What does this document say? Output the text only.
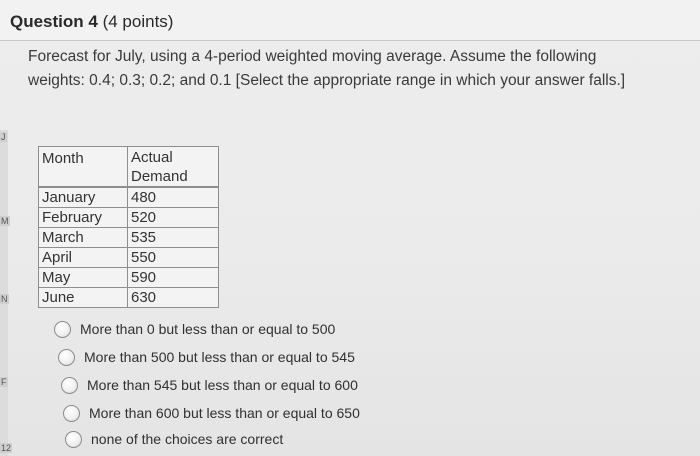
Question 4 (4 points)
Forecast for July, using a 4-period weighted moving average. Assume the following weights: 0.4; 0.3; 0.2; and 0.1 [Select the appropriate range in which your answer falls.]
J
M
N
F
12
Month	Actual Demand
January	480
February	520
March	535
April	550
May	590
June	630
More than 0 but less than or equal to 500
More than 500 but less than or equal to 545
More than 545 but less than or equal to 600
More than 600 but less than or equal to 650
none of the choices are correct
